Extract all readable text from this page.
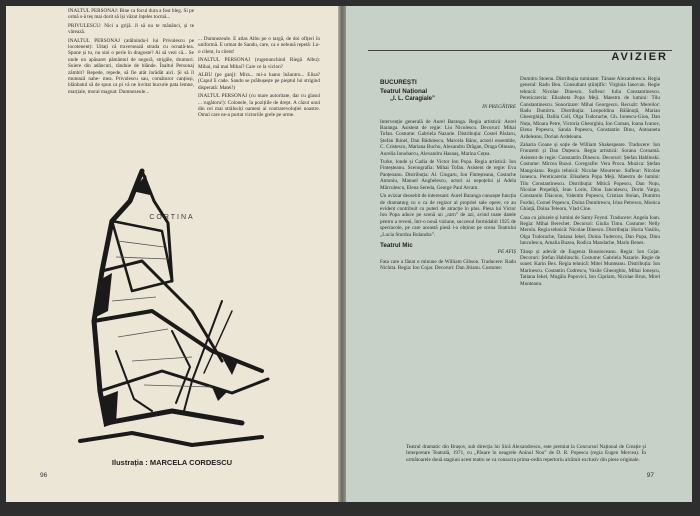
INALTUL PERSONAJ: Bine ca focul dura a fost bleg. Si pe ormă s-ă teș mai dorit să își văzut înțeles tocmă...

PRIVULESCU: Nici a grijă. Ji să nu te mânânci, și te vârează.

INALTUL PERSONAJ (atâlnindu-l lui Privulescu pe locotenent): Uitați că traversează strada cu ocnată-tea. Spune și tu, nu sini o perie în dragoste? Ai să vezi că... Se unde un apăsaret pământul de negură, strigăle, drumuri. Suiere din adâncuri, rânduie de blânde. Înaltul Personaj zâmbit? Repede, repede, să fie atât înrădăt aici. Și să îl mutează nahe- mea. Privulescu sau, comăturor canțioși, blănbatul să de spun ca pi vâ ne invitat bucurie pata lemne, marțiale, moral magnat: Dumnezeule...

... Dumnezeule. E atlas Albu pe o targă, de doi ofițeri în uniformă. E urmat de Sandu, care, ca o nebună repetă: Lu-o cilent, lu cilent!

INALTUL PERSONAJ (rugenunchind Riegă Albu): Mihai, mă mai Mihai? Care ce la viclon?

ALBU (pe ganj): Mira... mi-a luano înăuntru... Elisa? (Capul îi cade. Sandu se prăbușește pe pieptul lui strigind disperată: Matei!)

INALTUL PERSONAJ (cu mare autoritate, dar cu glasul ... rugătoru!): Colonele, la pozițiile de drept. A căzut unul din cei mai străluciți oameni ai contrarevoluției noastre. Omul care ne-a purtat victoriile grele pe urme.

CORTINA
Ilustrația : MARCELA CORDESCU
96
AVIZIER
BUCUREȘTI
Teatrul Național
„I. L. Caragiale”
IN PREGĂTIRE

Intervenție generală de Aurel Baranga. Regia artistică: Aurel Baranga. Asistent de regie: Liu Nicolescu. Decoruri: Mihai Tofan. Costume: Gabriela Nazarie. Distribuția: Costel Pâslaru, Ștefan Ihinel, Dan Bădulescu, Marcela Bânu, actorii ensemble, C. Cristescu, Mariana Buchu, Alexandru Drăgan, Draga Olteanu, Aurelia Ionobarcu, Alexandru Hasnaș, Marina Coțea.

Turke, londe și Cadia de Victor Ion Popa. Regia artistică: Ion Finteșteanu. Scenografia: Mihai Tofan. Asistent de regie: Eva Panțeoanu. Distribuția: Al. Giugaru, Ion Finteșteanu, Costache Antoniu, Manuel Anghelescu, actori ai nepoțelui și Adela Mărculescu, Elena Sereda, George Paul Avram.

Un aviziar deosebit de interesant: Aurel Baranga cunoaște funcția de dramaturg cu o ca de regizor al propriei sale opere, ce au evident contribuit cu puteri de atracție în plus. Piesa lui Victor Ion Popa aduce pe scenă un „rarn” de azi, avind toate datele pentru a reveni, într-o nouă viziune, succesul formidabil 1925 de spectacole, pe care această piesă l-a obținut pe scena Teatrului „Lucia Sturdza Bulandra”.

Teatrul Mic
PE AFIȘ

Fata care a fânat o minune de William Gibson. Traducere: Radu Nichita. Regia: Ion Cojar. Decoruri: Dan Jitianu. Costume:

Dumitru Stoenu. Distribuția ruminate: Tânase Alexandrescu. Regia general: Radu Beu. Consultant științific: Virginia Ianovan. Regie tehnică: Nicolae Dinescu. Sufleur: Iulia Constantinescu. Pereticareria: Elisabeta Popa Meji. Maestru de lumini: Tilu Constantinescu. Sonorizare: Mihai Georgescu. Recuzit: Mereilor: Radu Dumitru. Distribuția: Leopoldina Bălănuță, Marian Gheorghiță, Dalila Coll, Olga Tudorache, Gh. Ionescu-Gion, Dan Nuțu, Mioara Petre, Victoria Gheorghiu, Ion Coman, Ioana Ivanov, Elena Popescu, Sanda Popescu, Constantin Dinu, Antoaneta Ardeleanu, Dorian Ardeleanu.

Zaharia Goane și soție de William Shakespeare. Traducere: Ion Frunzetti și Dan Duțescu. Regia artistică: Sorana Coroamă. Asistent de regie: Constantin Dinescu. Decoruri: Ștefan Hablinski. Costume: Mircea Buzoi. Coregrafie: Vera Proca. Muzica: Ștefan Mangoianu. Regia tehnică: Nicolae Mourerue. Sufleur: Nicolae Ionescu. Pereticareria: Elisabeta Popa Meji. Maestru de lumini: Tilu Constantinescu. Distribuția: Mitică Popescu, Dan Nuțu, Nicolae Prepeliță, Jean Lorin, Dinu Ianculescu, Dorin Varga, Constantin Diaconu, Valentin Popescu, Cristian Stoian, Dumitru Furdui, Cornel Popescu, Doina Dumitrescu, Irina Petrescu, Monica Ghiuță, Doina Teleoru, Vlad Cine.

Casa cu jaluzele și lumini de Samy Feynd. Traducere: Angela Ioan. Regia: Mihai Berechet. Decoruri: Giulia Timu. Costume: Nelly Merola. Regia tehnică: Nicolae Dinescu. Distribuția: Horia Vasiliu, Olga Tudorache, Tatiana Iekel, Doina Tuderoru, Dan Popa, Dinu Ianculescu, Amalia Buzea, Rodica Mandache, Marin Benes.

Tânsp și adevăr de Eugenia Busuioceanu. Regia: Ion Cojar. Decoruri: Ștefan Hablinschi. Costume: Gabriela Nazarie. Regie de sunet: Karin Bex. Regia tehnică: Mitei Munteanu. Distribuția: Ion Marinescu. Costantin Codrescu, Vasile Gheorghiu, Mihai Ioneșcu, Tatiana Iekel, Mugăla Popovici, Ion Cipriam, Nicolae Brun, Mirel Munteanu.

Teatrul dramatic din Brașov, sub direcția lui Sică Alexandrescu, este premiat la Concursul Național de Creație și Interpretare Teatrală, 1971, cu „Păsare în neagrele Aninul Nou” de D. R. Popescu (regia Eugen Mercea). În următoarele două stagiuni acest teatru se va consacra prima-ordin repertoriu alcătuit exclusiv din piese originale.
97
